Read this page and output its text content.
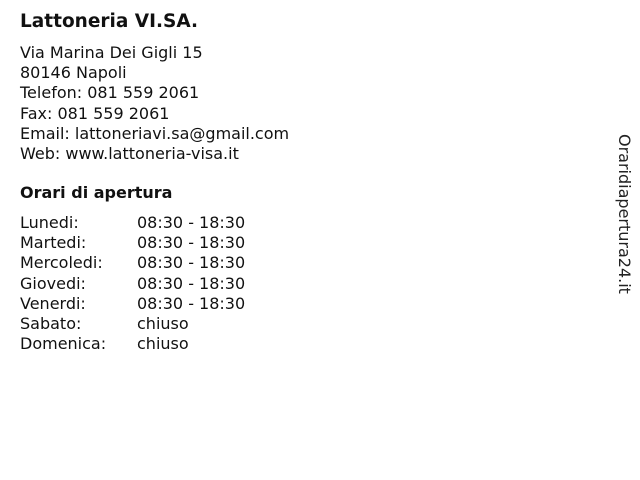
Lattoneria VI.SA.
Via Marina Dei Gigli 15
80146 Napoli
Telefon: 081 559 2061
Fax: 081 559 2061
Email: lattoneriavi.sa@gmail.com
Web: www.lattoneria-visa.it
Orari di apertura
Lunedi:	08:30 - 18:30
Martedi:	08:30 - 18:30
Mercoledi:	08:30 - 18:30
Giovedi:	08:30 - 18:30
Venerdi:	08:30 - 18:30
Sabato:	chiuso
Domenica:	chiuso
Oraridiapertura24.it
